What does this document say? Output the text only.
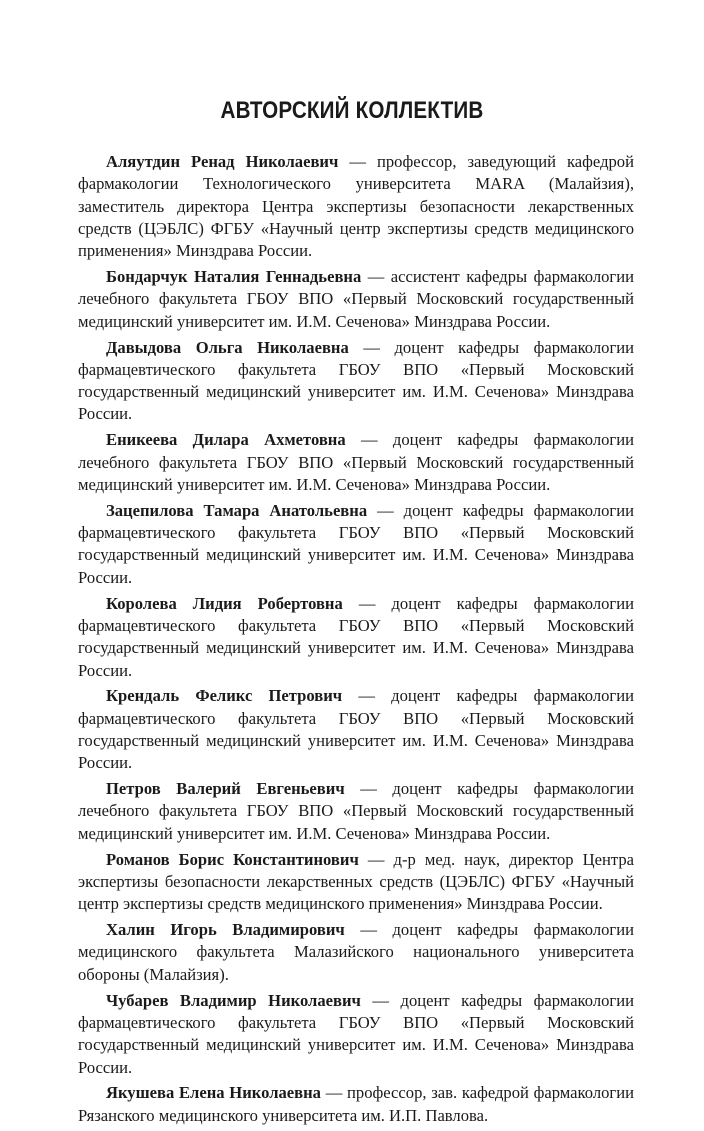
АВТОРСКИЙ КОЛЛЕКТИВ

Аляутдин Ренад Николаевич — профессор, заведующий кафедрой фармакологии Технологического университета MARA (Малайзия), заместитель директора Центра экспертизы безопасности лекарственных средств (ЦЭБЛС) ФГБУ «Научный центр экспертизы средств медицинского применения» Минздрава России.

Бондарчук Наталия Геннадьевна — ассистент кафедры фармакологии лечебного факультета ГБОУ ВПО «Первый Московский государственный медицинский университет им. И.М. Сеченова» Минздрава России.

Давыдова Ольга Николаевна — доцент кафедры фармакологии фармацевтического факультета ГБОУ ВПО «Первый Московский государственный медицинский университет им. И.М. Сеченова» Минздрава России.

Еникеева Дилара Ахметовна — доцент кафедры фармакологии лечебного факультета ГБОУ ВПО «Первый Московский государственный медицинский университет им. И.М. Сеченова» Минздрава России.

Зацепилова Тамара Анатольевна — доцент кафедры фармакологии фармацевтического факультета ГБОУ ВПО «Первый Московский государственный медицинский университет им. И.М. Сеченова» Минздрава России.

Королева Лидия Робертовна — доцент кафедры фармакологии фармацевтического факультета ГБОУ ВПО «Первый Московский государственный медицинский университет им. И.М. Сеченова» Минздрава России.

Крендаль Феликс Петрович — доцент кафедры фармакологии фармацевтического факультета ГБОУ ВПО «Первый Московский государственный медицинский университет им. И.М. Сеченова» Минздрава России.

Петров Валерий Евгеньевич — доцент кафедры фармакологии лечебного факультета ГБОУ ВПО «Первый Московский государственный медицинский университет им. И.М. Сеченова» Минздрава России.

Романов Борис Константинович — д-р мед. наук, директор Центра экспертизы безопасности лекарственных средств (ЦЭБЛС) ФГБУ «Научный центр экспертизы средств медицинского применения» Минздрава России.

Халин Игорь Владимирович — доцент кафедры фармакологии медицинского факультета Малазийского национального университета обороны (Малайзия).

Чубарев Владимир Николаевич — доцент кафедры фармакологии фармацевтического факультета ГБОУ ВПО «Первый Московский государственный медицинский университет им. И.М. Сеченова» Минздрава России.

Якушева Елена Николаевна — профессор, зав. кафедрой фармакологии Рязанского медицинского университета им. И.П. Павлова.
